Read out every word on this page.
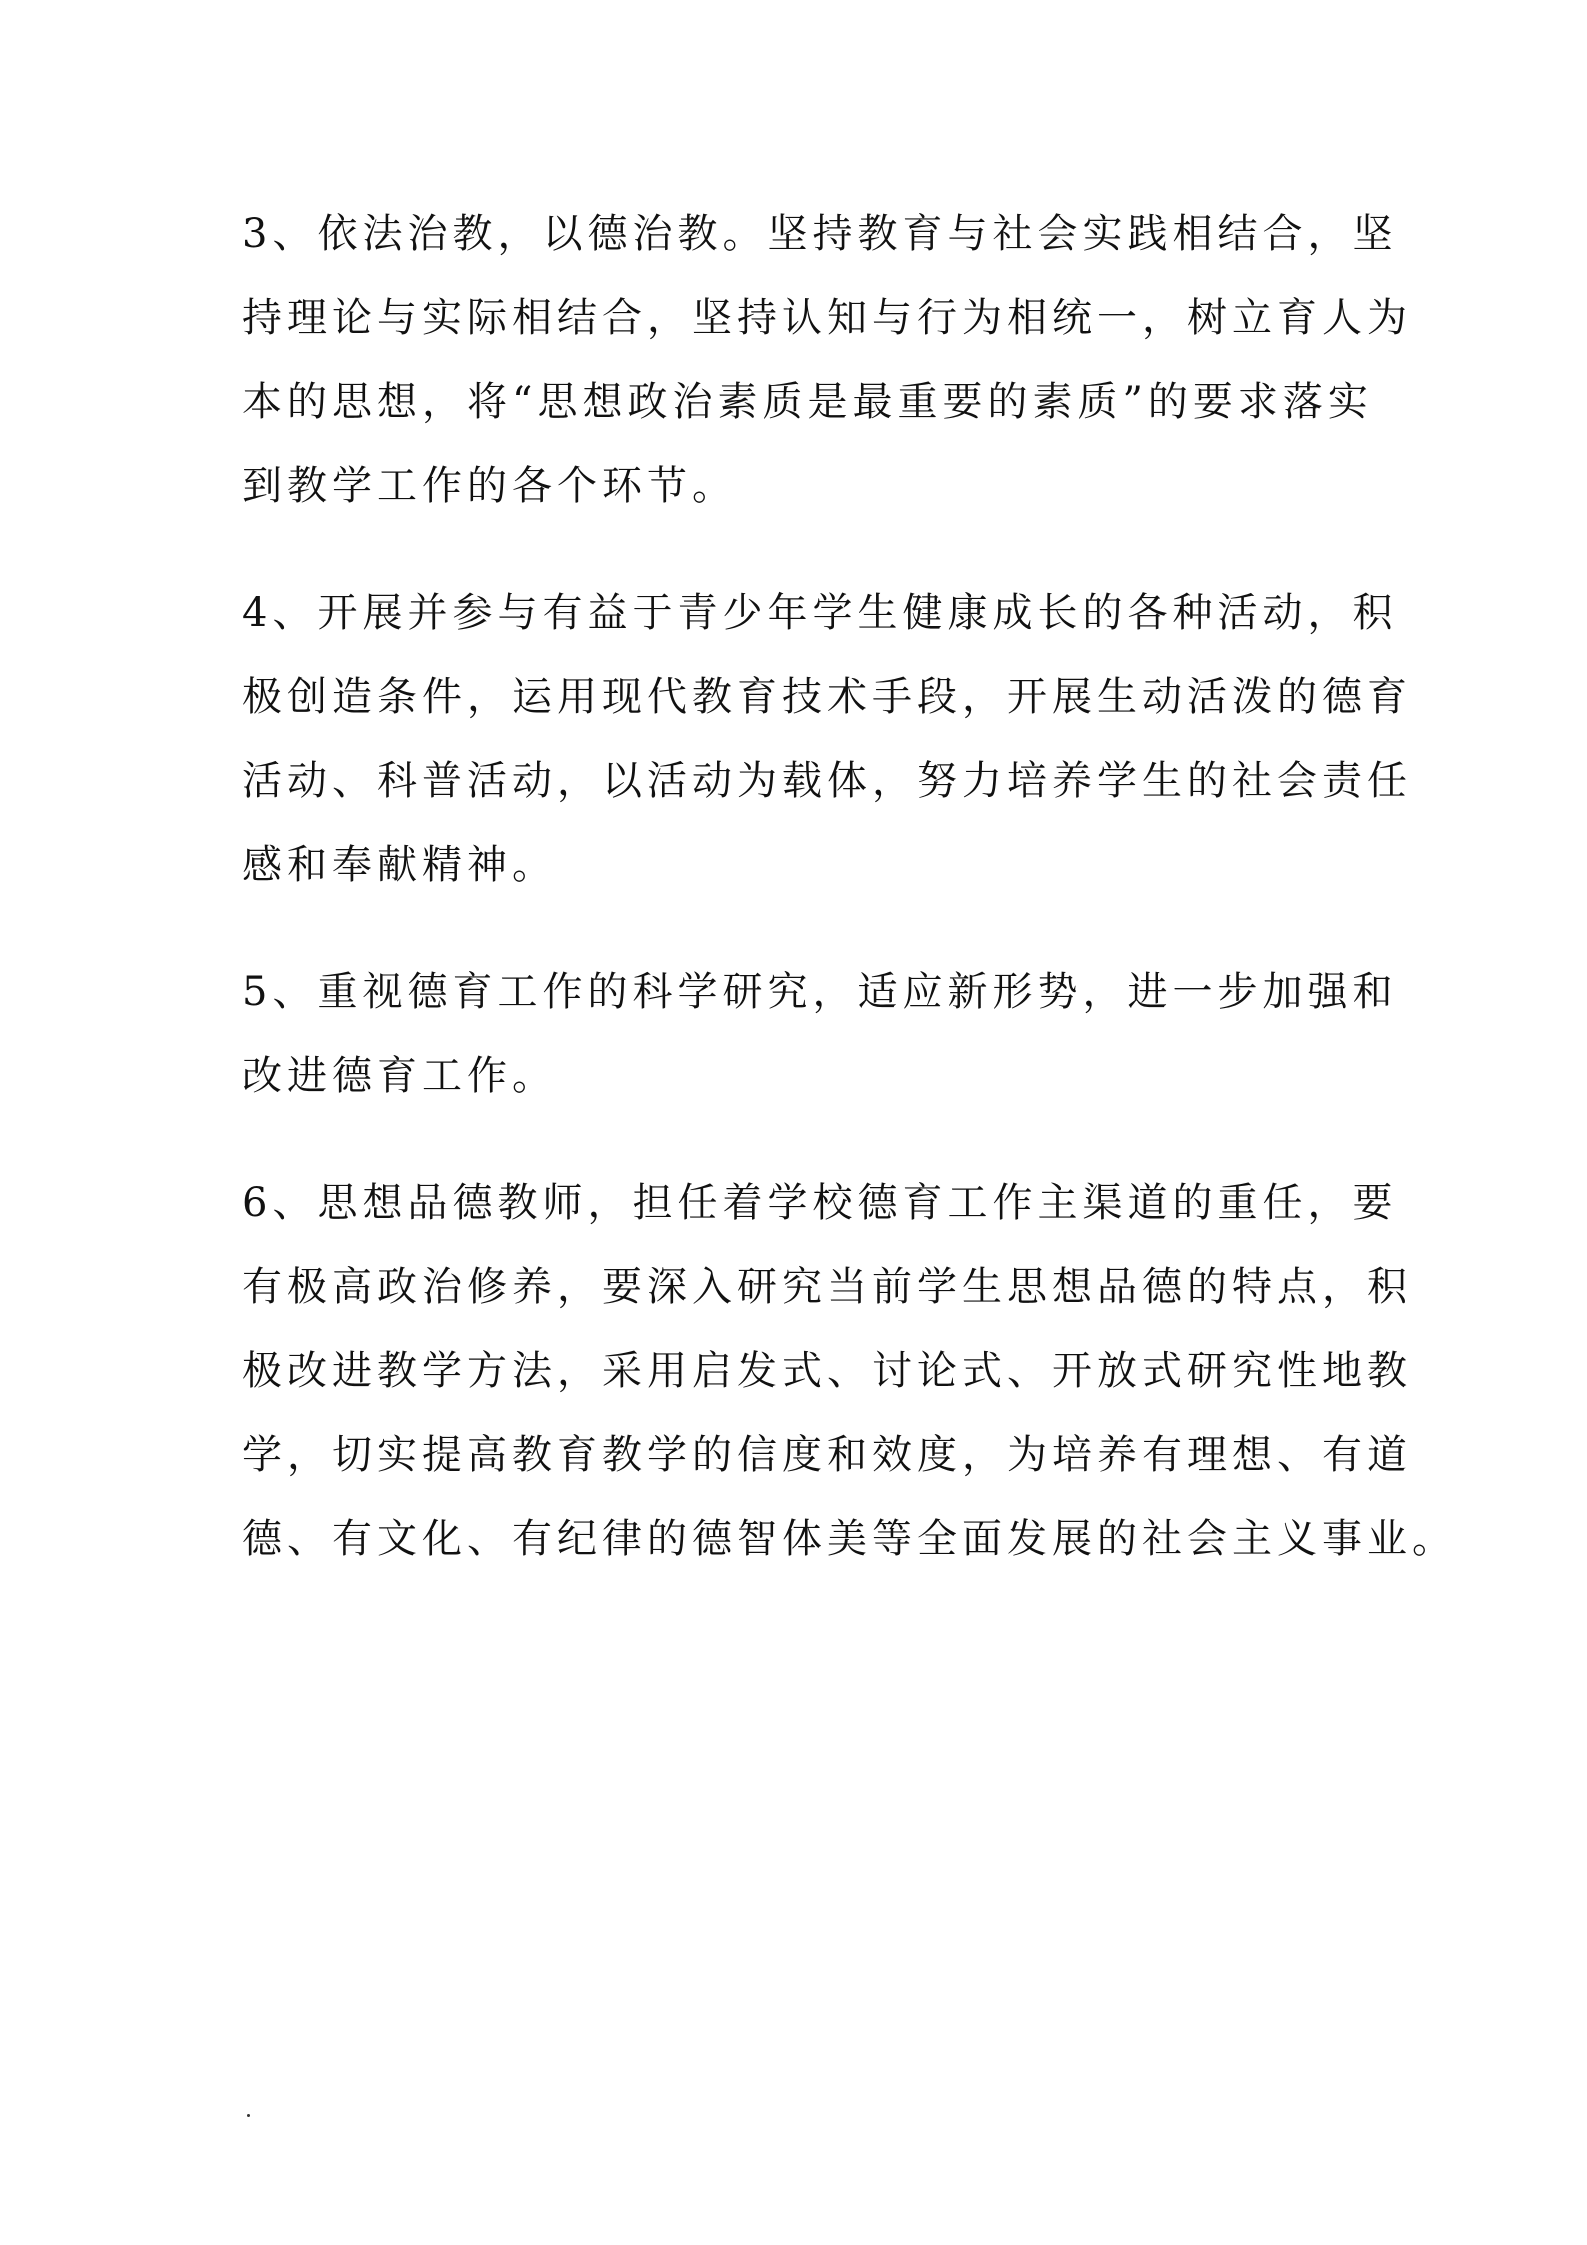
3、依法治教，以德治教。坚持教育与社会实践相结合，坚
持理论与实际相结合，坚持认知与行为相统一，树立育人为
本的思想，将“思想政治素质是最重要的素质”的要求落实
到教学工作的各个环节。

4、开展并参与有益于青少年学生健康成长的各种活动，积
极创造条件，运用现代教育技术手段，开展生动活泼的德育
活动、科普活动，以活动为载体，努力培养学生的社会责任
感和奉献精神。

5、重视德育工作的科学研究，适应新形势，进一步加强和
改进德育工作。

6、思想品德教师，担任着学校德育工作主渠道的重任，要
有极高政治修养，要深入研究当前学生思想品德的特点，积
极改进教学方法，采用启发式、讨论式、开放式研究性地教
学，切实提高教育教学的信度和效度，为培养有理想、有道
德、有文化、有纪律的德智体美等全面发展的社会主义事业。
